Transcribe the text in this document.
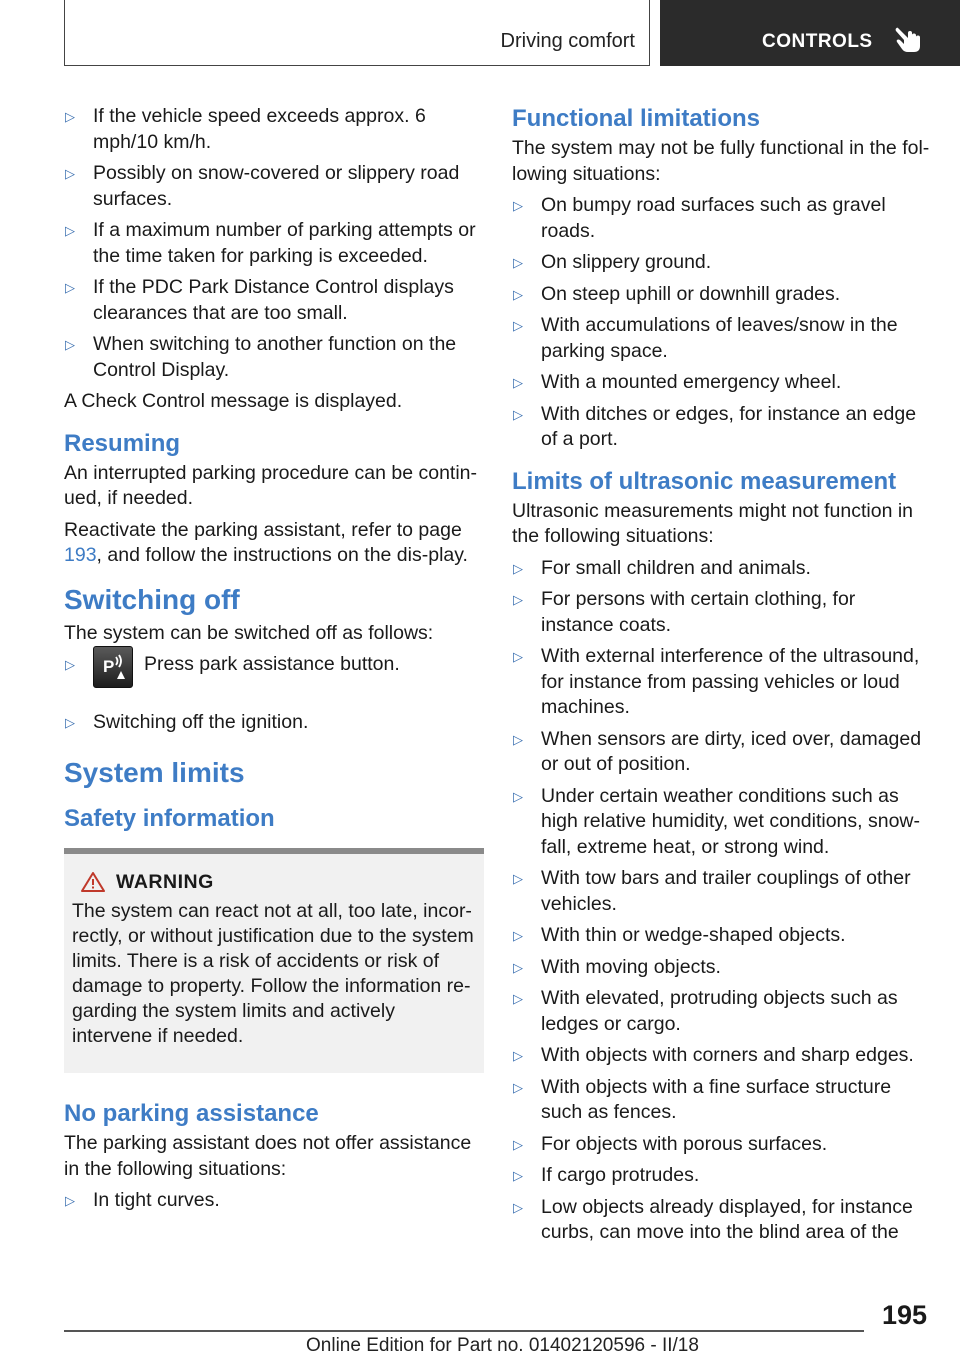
Driving comfort	CONTROLS
▷ If the vehicle speed exceeds approx. 6 mph/10 km/h.
▷ Possibly on snow-covered or slippery road surfaces.
▷ If a maximum number of parking attempts or the time taken for parking is exceeded.
▷ If the PDC Park Distance Control displays clearances that are too small.
▷ When switching to another function on the Control Display.

A Check Control message is displayed.

Resuming

An interrupted parking procedure can be contin‐ued, if needed.

Reactivate the parking assistant, refer to page 193, and follow the instructions on the dis‐play.

Switching off

The system can be switched off as follows:

▷ P Press park assistance button.
▷ Switching off the ignition.
System limits
Safety information
WARNING

The system can react not at all, too late, incor‐rectly, or without justification due to the system limits. There is a risk of accidents or risk of damage to property. Follow the information re‐garding the system limits and actively intervene if needed.

No parking assistance

The parking assistant does not offer assistance in the following situations:

▷ In tight curves.
Functional limitations

The system may not be fully functional in the fol‐lowing situations:

▷ On bumpy road surfaces such as gravel roads.
▷ On slippery ground.
▷ On steep uphill or downhill grades.
▷ With accumulations of leaves/snow in the parking space.
▷ With a mounted emergency wheel.
▷ With ditches or edges, for instance an edge of a port.
Limits of ultrasonic measurement

Ultrasonic measurements might not function in the following situations:

▷ For small children and animals.
▷ For persons with certain clothing, for instance coats.
▷ With external interference of the ultrasound, for instance from passing vehicles or loud machines.
▷ When sensors are dirty, iced over, damaged or out of position.
▷ Under certain weather conditions such as high relative humidity, wet conditions, snow‐fall, extreme heat, or strong wind.
▷ With tow bars and trailer couplings of other vehicles.
▷ With thin or wedge-shaped objects.
▷ With moving objects.
▷ With elevated, protruding objects such as ledges or cargo.
▷ With objects with corners and sharp edges.
▷ With objects with a fine surface structure such as fences.
▷ For objects with porous surfaces.
▷ If cargo protrudes.
▷ Low objects already displayed, for instance curbs, can move into the blind area of the
195
Online Edition for Part no. 01402120596 - II/18
